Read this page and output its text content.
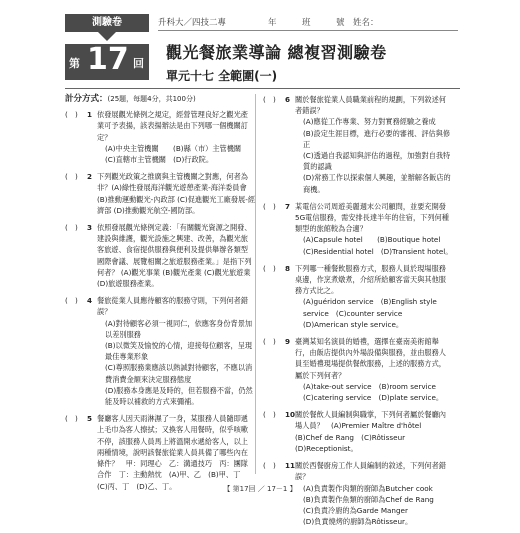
測驗卷
第 17 回
升科大／四技二專	年　　　班　　　號　姓名：
觀光餐旅業導論 總複習測驗卷
單元十七 全範圍(一)
計分方式：(25題，每題4分，共100分)
(　)	1 依發展觀光條例之規定，經營管理良好之觀光產業可予表揚，該表揚辦法是由下列哪一個機關訂定？
(A)中央主管機關　　(B)縣（市）主管機關
(C)直轄市主管機關　(D)行政院。
(　)	2 下列觀光政策之推廣與主管機關之對應，何者為非？(A)綠性發展海洋觀光遊憩產業-海洋委員會 (B)推動運動觀光-內政部 (C)促進觀光工廠發展-經濟部 (D)推動觀光航空-國防部。
(　)	3 依照發展觀光條例定義：「有關觀光資源之開發、建設與維護，觀光設施之興建、改善，為觀光旅客旅遊、食宿提供服務與便利及提供舉辦各類型國際會議、展覽相關之旅遊服務產業。」是指下列何者？ (A)觀光事業 (B)觀光產業 (C)觀光旅遊業 (D)旅遊服務產業。
(　)	4 餐旅從業人員應待顧客的服務守則，下列何者錯誤？
(A)對待顧客必須一視同仁，依應客身份背景加以差別服務
(B)以微笑及愉悅的心情，迎接每位顧客，呈現最佳專業形象
(C)尊照服務業應該以熱誠對待顧客，不應以消費消費金額來決定服務態度
(D)服務本身應是及時的，但若服務不當，仍然能及時以補救的方式來彌補。
(　)	5 餐廳客人因天雨淋濕了一身，某服務人員隨即遞上毛巾為客人擦拭；又換客人用餐時，似乎咳嗽不停，該服務人員馬上將溫開水遞給客人，以上兩種情境，說明該餐旅從業人員具備了哪些內在條件？　甲：同理心　乙：溝通技巧　丙：團隊合作　丁：主動熱忱　(A)甲、乙　(B)甲、丁　(C)丙、丁　(D)乙、丁。
(　)	6 關於餐旅從業人員職業前程的規劃，下列敘述何者錯誤？
(A)應從工作專業、努力對實務經驗之養成
(B)設定生涯目標，進行必要的審視、評估與修正
(C)透過自我認知與評估的過程，加強對自我特質的認識
(D)常務工作以探索個人興趣，並辦解各飯店的商機。
(　)	7 某電信公司周遊美麗週末公司顧問，並要充開發5G電信服務，需安排長達半年的住宿，下列何種類型的旅館較為合適？
(A)Capsule hotel　　(B)Boutique hotel
(C)Residential hotel　(D)Transient hotel。
(　)	8 下列哪一種餐飲服務方式，服務人員於現場服務桌邊，作烹煮燉煮，介紹所給顧客當天與其他服務方式比之。
(A)guéridon service　(B)English style service　(C)counter service　(D)American style service。
(　)	9 臺灣某知名演員的婚禮，選擇在臺南美術館舉行，由飯店提供內外場設備與服務，並由服務人員至婚禮現場提供餐飲服務，上述的服務方式，屬於下列何者？
(A)take-out service　(B)room service
(C)catering service　(D)plate service。
(　)	10 關於餐飲人員編制與職掌，下列何者屬於餐廳內場人員？　(A)Premier Maître d'hôtel　(B)Chef de Rang　(C)Rôtisseur　(D)Receptionist。
(　)	11 關於西餐廚房工作人員編制的敘述，下列何者錯誤？
(A)負責製作肉類的廚師為Butcher cook
(B)負責製作魚類的廚師為Chef de Rang
(C)負責冷廚的為Garde Manger
(D)負責燒烤的廚師為Rôtisseur。
【 第17回 ／ 17－1 】
